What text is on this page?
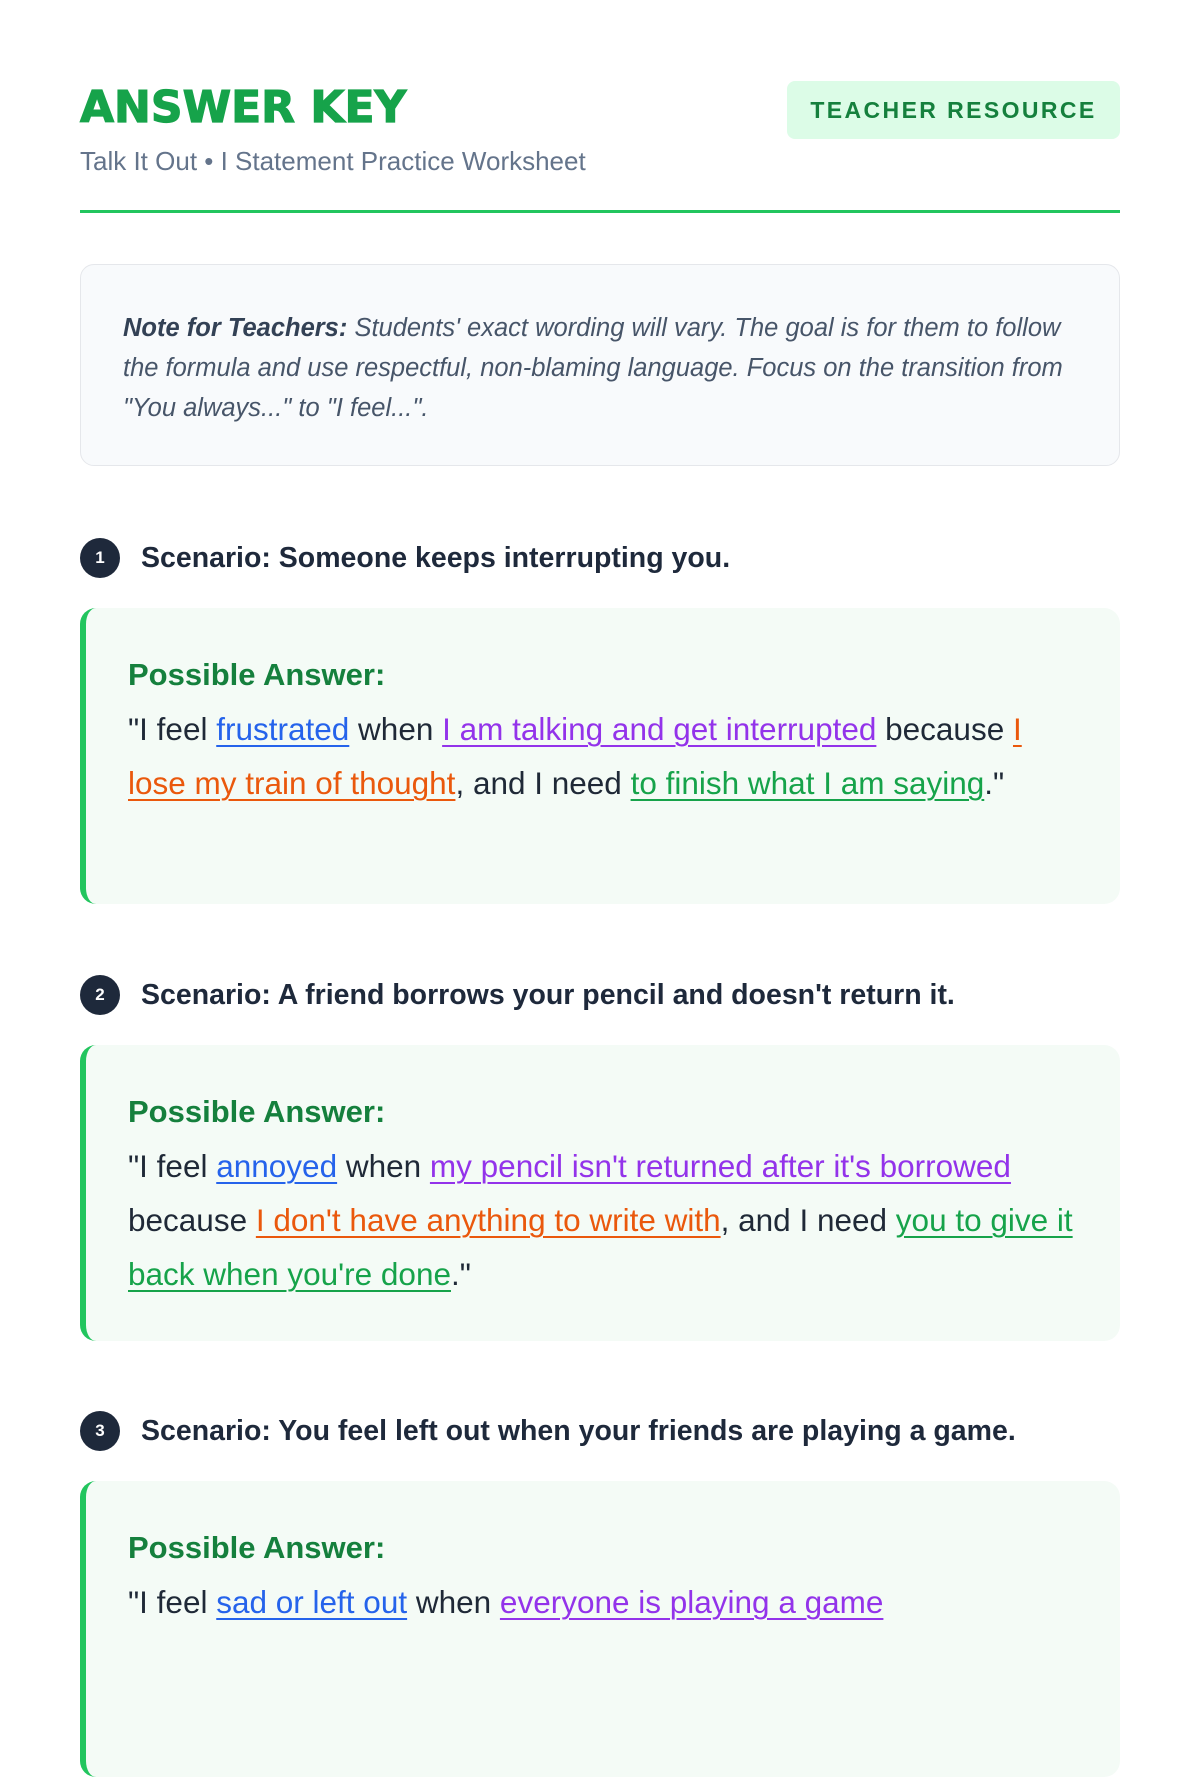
ANSWER KEY

Talk It Out • I Statement Practice Worksheet

TEACHER RESOURCE
Note for Teachers: Students' exact wording will vary. The goal is for them to follow the formula and use respectful, non-blaming language. Focus on the transition from "You always..." to "I feel...".
1	Scenario: Someone keeps interrupting you.
Possible Answer:
"I feel frustrated when I am talking and get interrupted because I lose my train of thought, and I need to finish what I am saying."
2	Scenario: A friend borrows your pencil and doesn't return it.
Possible Answer:
"I feel annoyed when my pencil isn't returned after it's borrowed because I don't have anything to write with, and I need you to give it back when you're done."
3	Scenario: You feel left out when your friends are playing a game.
Possible Answer:
"I feel sad or left out when everyone is playing a game
